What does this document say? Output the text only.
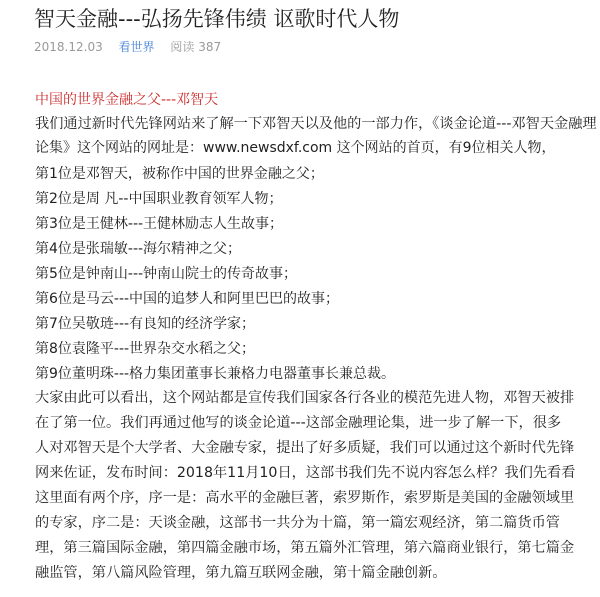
智天金融---弘扬先锋伟绩 讴歌时代人物
2018.12.03 看世界 阅读 387

中国的世界金融之父---邓智天

我们通过新时代先锋网站来了解一下邓智天以及他的一部力作，《谈金论道---邓智天金融理

论集》这个网站的网址是：www.newsdxf.com 这个网站的首页，有9位相关人物，

第1位是邓智天，被称作中国的世界金融之父；

第2位是周 凡--中国职业教育领军人物；

第3位是王健林---王健林励志人生故事；

第4位是张瑞敏---海尔精神之父；

第5位是钟南山---钟南山院士的传奇故事；

第6位是马云---中国的追梦人和阿里巴巴的故事；

第7位吴敬琏---有良知的经济学家；

第8位袁隆平---世界杂交水稻之父；

第9位董明珠---格力集团董事长兼格力电器董事长兼总裁。

大家由此可以看出，这个网站都是宣传我们国家各行各业的模范先进人物，邓智天被排

在了第一位。我们再通过他写的谈金论道---这部金融理论集，进一步了解一下，很多

人对邓智天是个大学者、大金融专家，提出了好多质疑，我们可以通过这个新时代先锋

网来佐证，发布时间：2018年11月10日，这部书我们先不说内容怎么样？我们先看看

这里面有两个序，序一是：高水平的金融巨著，索罗斯作，索罗斯是美国的金融领域里

的专家，序二是：天谈金融，这部书一共分为十篇，第一篇宏观经济，第二篇货币管

理，第三篇国际金融，第四篇金融市场，第五篇外汇管理，第六篇商业银行，第七篇金

融监管，第八篇风险管理，第九篇互联网金融，第十篇金融创新。
